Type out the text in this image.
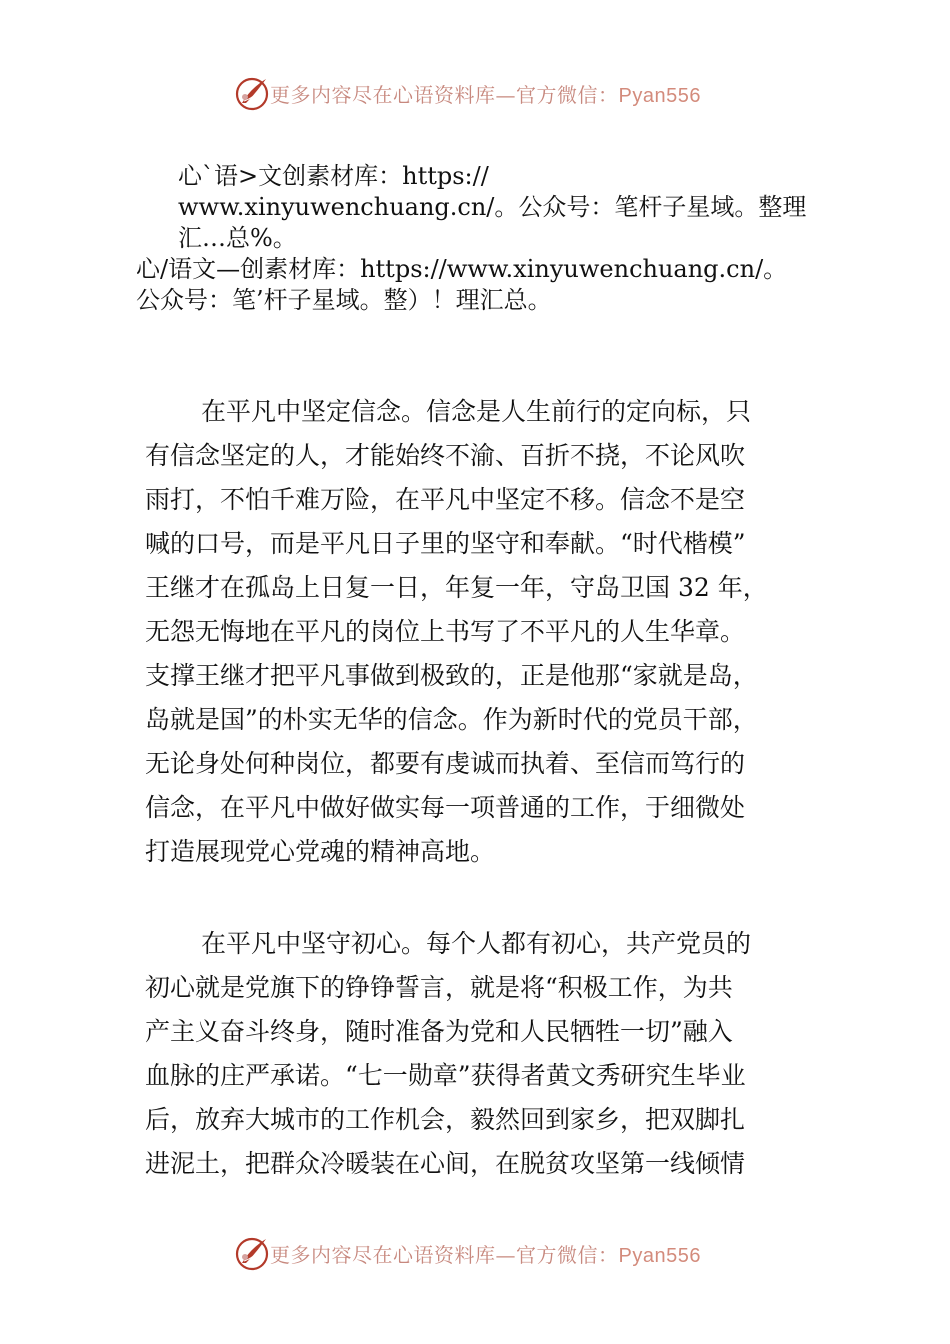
更多内容尽在心语资料库—官方微信：Pyan556
心`语>文创素材库：https://
www.xinyuwenchuang.cn/。公众号：笔杆子星域。整理
汇…总%。
心/语文—创素材库：https://www.xinyuwenchuang.cn/。
公众号：笔’杆子星域。整）！理汇总。
在平凡中坚定信念。信念是人生前行的定向标，只
有信念坚定的人，才能始终不渝、百折不挠，不论风吹
雨打，不怕千难万险，在平凡中坚定不移。信念不是空
喊的口号，而是平凡日子里的坚守和奉献。“时代楷模”
王继才在孤岛上日复一日，年复一年，守岛卫国 32 年，
无怨无悔地在平凡的岗位上书写了不平凡的人生华章。
支撑王继才把平凡事做到极致的，正是他那“家就是岛，
岛就是国”的朴实无华的信念。作为新时代的党员干部，
无论身处何种岗位，都要有虔诚而执着、至信而笃行的
信念，在平凡中做好做实每一项普通的工作，于细微处
打造展现党心党魂的精神高地。
在平凡中坚守初心。每个人都有初心，共产党员的
初心就是党旗下的铮铮誓言，就是将“积极工作，为共
产主义奋斗终身，随时准备为党和人民牺牲一切”融入
血脉的庄严承诺。“七一勋章”获得者黄文秀研究生毕业
后，放弃大城市的工作机会，毅然回到家乡，把双脚扎
进泥土，把群众冷暖装在心间，在脱贫攻坚第一线倾情
更多内容尽在心语资料库—官方微信：Pyan556
